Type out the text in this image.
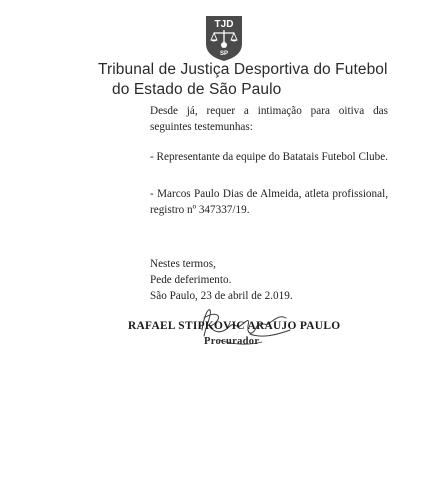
TJD
SP
Tribunal de Justiça Desportiva do Futebol
do Estado de São Paulo
Desde já, requer a intimação para oitiva das seguintes testemunhas:
- Representante da equipe do Batatais Futebol Clube.
- Marcos Paulo Dias de Almeida, atleta profissional, registro nº 347337/19.
Nestes termos,
Pede deferimento.
São Paulo, 23 de abril de 2.019.
RAFAEL STIPKOVIC ARAUJO PAULO
Procurador
